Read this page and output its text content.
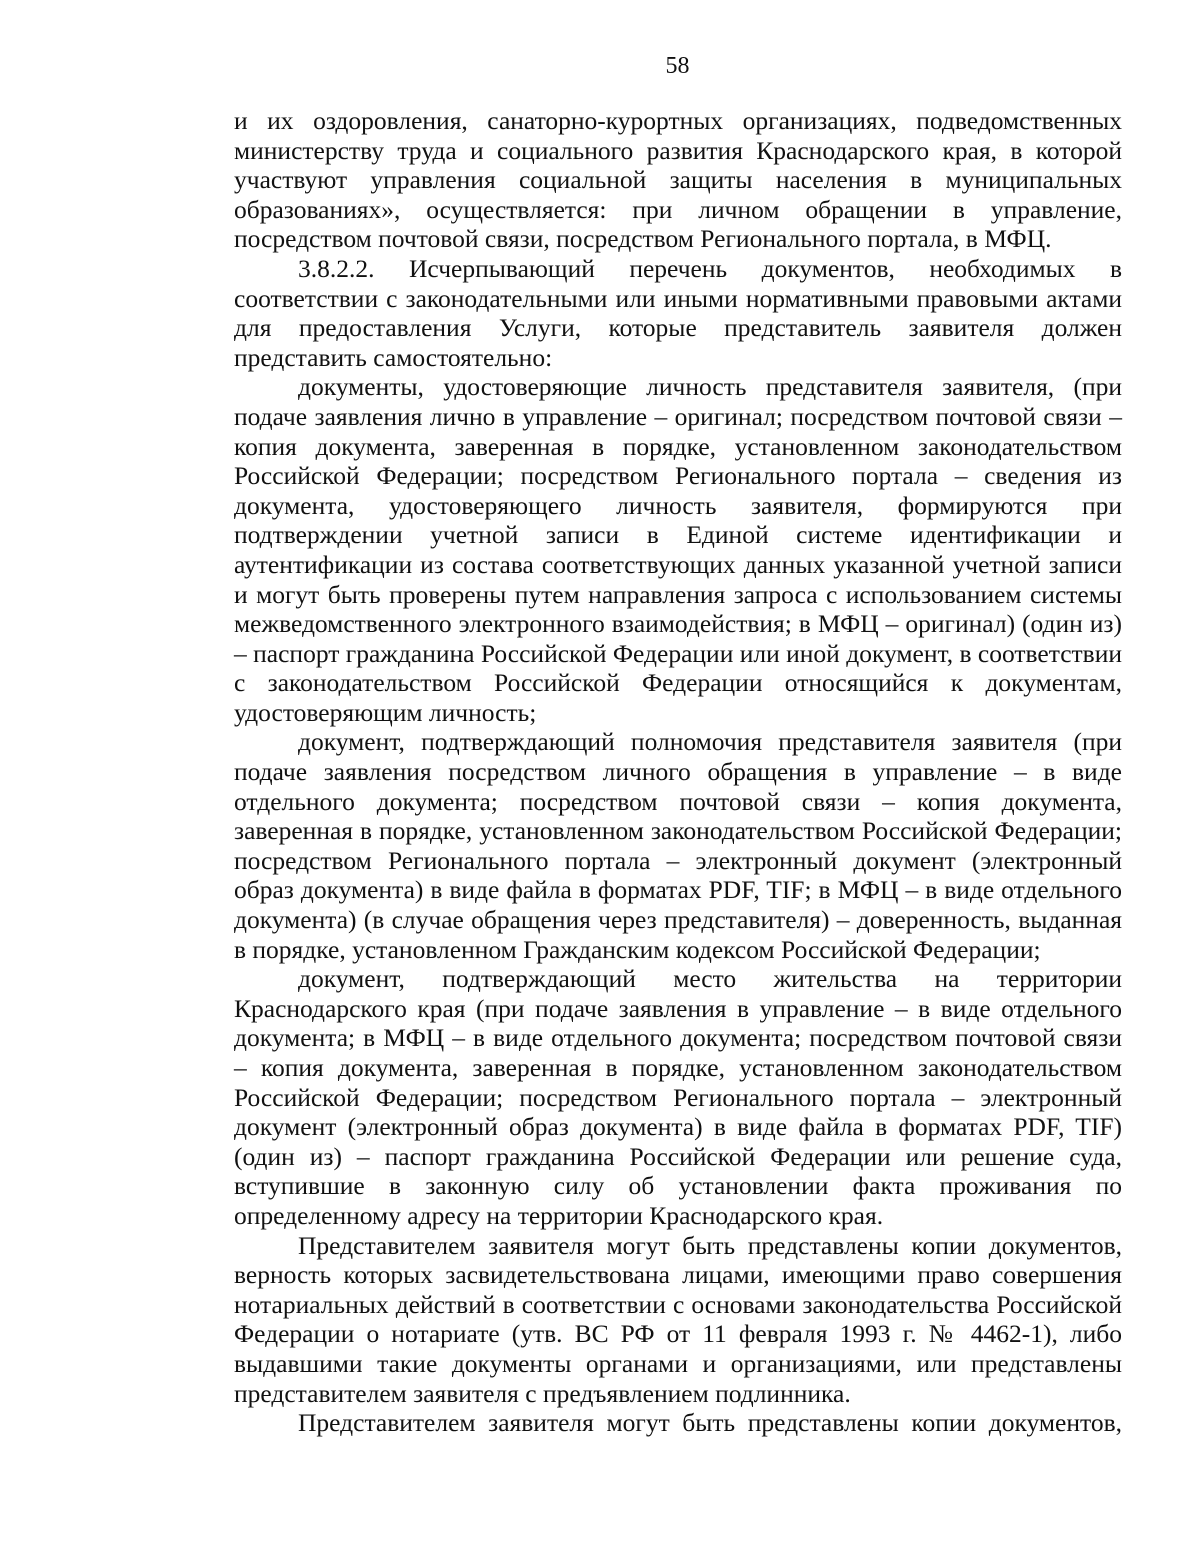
58

и их оздоровления, санаторно-курортных организациях, подведомственных министерству труда и социального развития Краснодарского края, в которой участвуют управления социальной защиты населения в муниципальных образованиях», осуществляется: при личном обращении в управление, посредством почтовой связи, посредством Регионального портала, в МФЦ.

3.8.2.2. Исчерпывающий перечень документов, необходимых в соответствии с законодательными или иными нормативными правовыми актами для предоставления Услуги, которые представитель заявителя должен представить самостоятельно:

документы, удостоверяющие личность представителя заявителя, (при подаче заявления лично в управление – оригинал; посредством почтовой связи – копия документа, заверенная в порядке, установленном законодательством Российской Федерации; посредством Регионального портала – сведения из документа, удостоверяющего личность заявителя, формируются при подтверждении учетной записи в Единой системе идентификации и аутентификации из состава соответствующих данных указанной учетной записи и могут быть проверены путем направления запроса с использованием системы межведомственного электронного взаимодействия; в МФЦ – оригинал) (один из) – паспорт гражданина Российской Федерации или иной документ, в соответствии с законодательством Российской Федерации относящийся к документам, удостоверяющим личность;

документ, подтверждающий полномочия представителя заявителя (при подаче заявления посредством личного обращения в управление – в виде отдельного документа; посредством почтовой связи – копия документа, заверенная в порядке, установленном законодательством Российской Федерации; посредством Регионального портала – электронный документ (электронный образ документа) в виде файла в форматах PDF, TIF; в МФЦ – в виде отдельного документа) (в случае обращения через представителя) – доверенность, выданная в порядке, установленном Гражданским кодексом Российской Федерации;

документ, подтверждающий место жительства на территории Краснодарского края (при подаче заявления в управление – в виде отдельного документа; в МФЦ – в виде отдельного документа; посредством почтовой связи – копия документа, заверенная в порядке, установленном законодательством Российской Федерации; посредством Регионального портала – электронный документ (электронный образ документа) в виде файла в форматах PDF, TIF) (один из) – паспорт гражданина Российской Федерации или решение суда, вступившие в законную силу об установлении факта проживания по определенному адресу на территории Краснодарского края.

Представителем заявителя могут быть представлены копии документов, верность которых засвидетельствована лицами, имеющими право совершения нотариальных действий в соответствии с основами законодательства Российской Федерации о нотариате (утв. ВС РФ от 11 февраля 1993 г. № 4462-1), либо выдавшими такие документы органами и организациями, или представлены представителем заявителя с предъявлением подлинника.

Представителем заявителя могут быть представлены копии документов,
